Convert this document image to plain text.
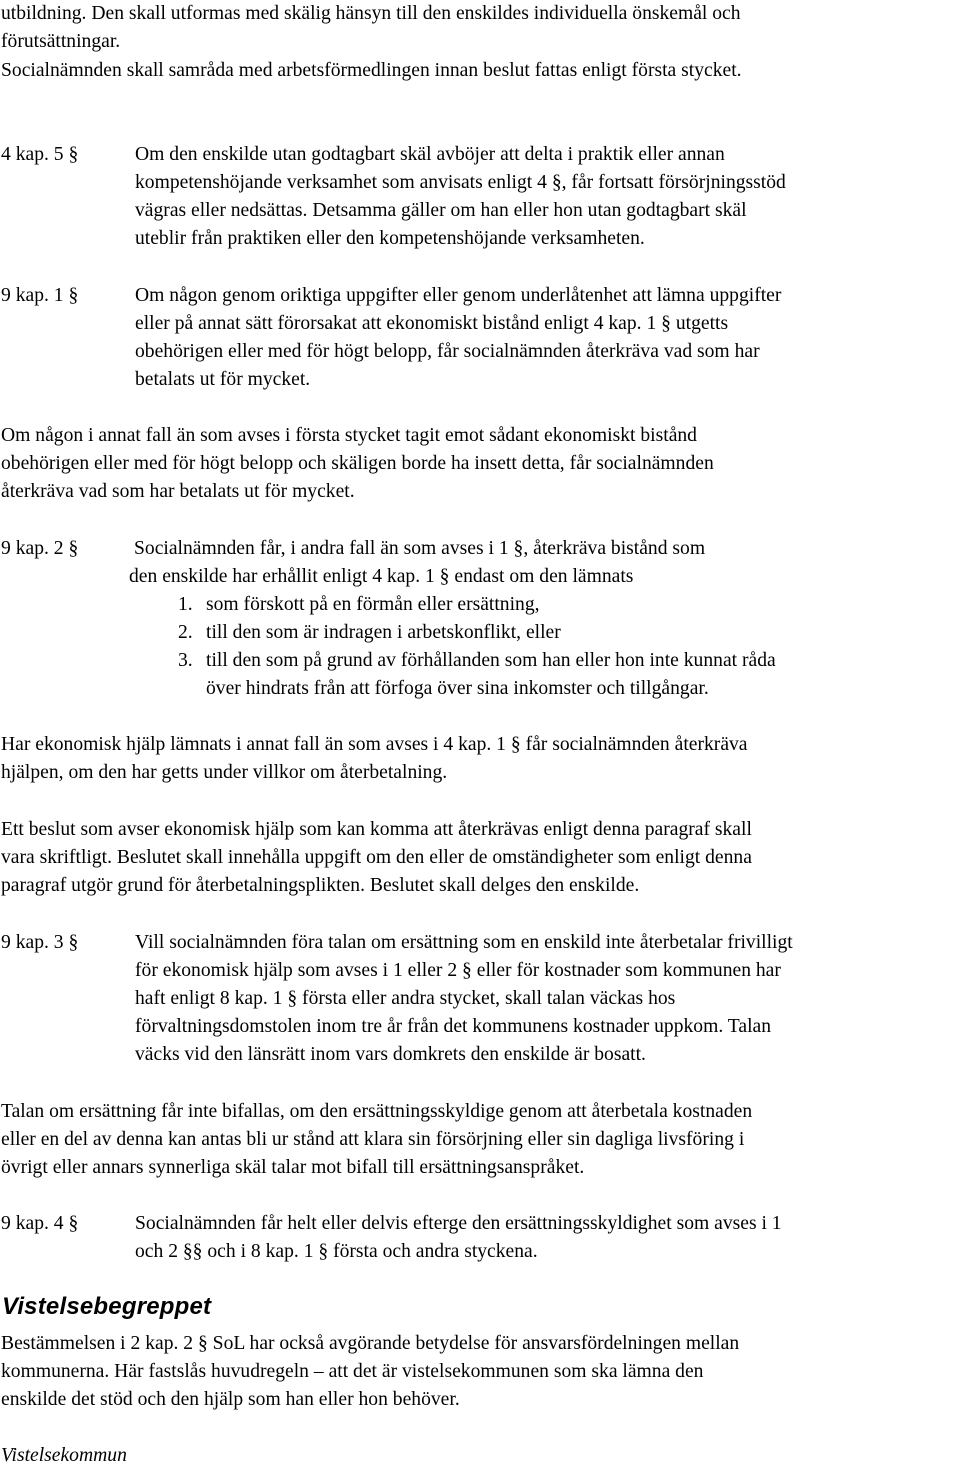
utbildning. Den skall utformas med skälig hänsyn till den enskildes individuella önskemål och
förutsättningar.
Socialnämnden skall samråda med arbetsförmedlingen innan beslut fattas enligt första stycket.
4 kap. 5 §	Om den enskilde utan godtagbart skäl avböjer att delta i praktik eller annan
kompetenshöjande verksamhet som anvisats enligt 4 §, får fortsatt försörjningsstöd
vägras eller nedsättas. Detsamma gäller om han eller hon utan godtagbart skäl
uteblir från praktiken eller den kompetenshöjande verksamheten.
9 kap. 1 §	Om någon genom oriktiga uppgifter eller genom underlåtenhet att lämna uppgifter
eller på annat sätt förorsakat att ekonomiskt bistånd enligt 4 kap. 1 § utgetts
obehörigen eller med för högt belopp, får socialnämnden återkräva vad som har
betalats ut för mycket.
Om någon i annat fall än som avses i första stycket tagit emot sådant ekonomiskt bistånd
obehörigen eller med för högt belopp och skäligen borde ha insett detta, får socialnämnden
återkräva vad som har betalats ut för mycket.
9 kap. 2 §	Socialnämnden får, i andra fall än som avses i 1 §, återkräva bistånd som
den enskilde har erhållit enligt 4 kap. 1 § endast om den lämnats
1. som förskott på en förmån eller ersättning,
2. till den som är indragen i arbetskonflikt, eller
3. till den som på grund av förhållanden som han eller hon inte kunnat råda
över hindrats från att förfoga över sina inkomster och tillgångar.
Har ekonomisk hjälp lämnats i annat fall än som avses i 4 kap. 1 § får socialnämnden återkräva
hjälpen, om den har getts under villkor om återbetalning.
Ett beslut som avser ekonomisk hjälp som kan komma att återkrävas enligt denna paragraf skall
vara skriftligt. Beslutet skall innehålla uppgift om den eller de omständigheter som enligt denna
paragraf utgör grund för återbetalningsplikten. Beslutet skall delges den enskilde.
9 kap. 3 §	Vill socialnämnden föra talan om ersättning som en enskild inte återbetalar frivilligt
för ekonomisk hjälp som avses i 1 eller 2 § eller för kostnader som kommunen har
haft enligt 8 kap. 1 § första eller andra stycket, skall talan väckas hos
förvaltningsdomstolen inom tre år från det kommunens kostnader uppkom. Talan
väcks vid den länsrätt inom vars domkrets den enskilde är bosatt.
Talan om ersättning får inte bifallas, om den ersättningsskyldige genom att återbetala kostnaden
eller en del av denna kan antas bli ur stånd att klara sin försörjning eller sin dagliga livsföring i
övrigt eller annars synnerliga skäl talar mot bifall till ersättningsanspråket.
9 kap. 4 §	Socialnämnden får helt eller delvis efterge den ersättningsskyldighet som avses i 1
och 2 §§ och i 8 kap. 1 § första och andra styckena.
Vistelsebegreppet
Bestämmelsen i 2 kap. 2 § SoL har också avgörande betydelse för ansvarsfördelningen mellan
kommunerna. Här fastslås huvudregeln – att det är vistelsekommunen som ska lämna den
enskilde det stöd och den hjälp som han eller hon behöver.
Vistelsekommun
